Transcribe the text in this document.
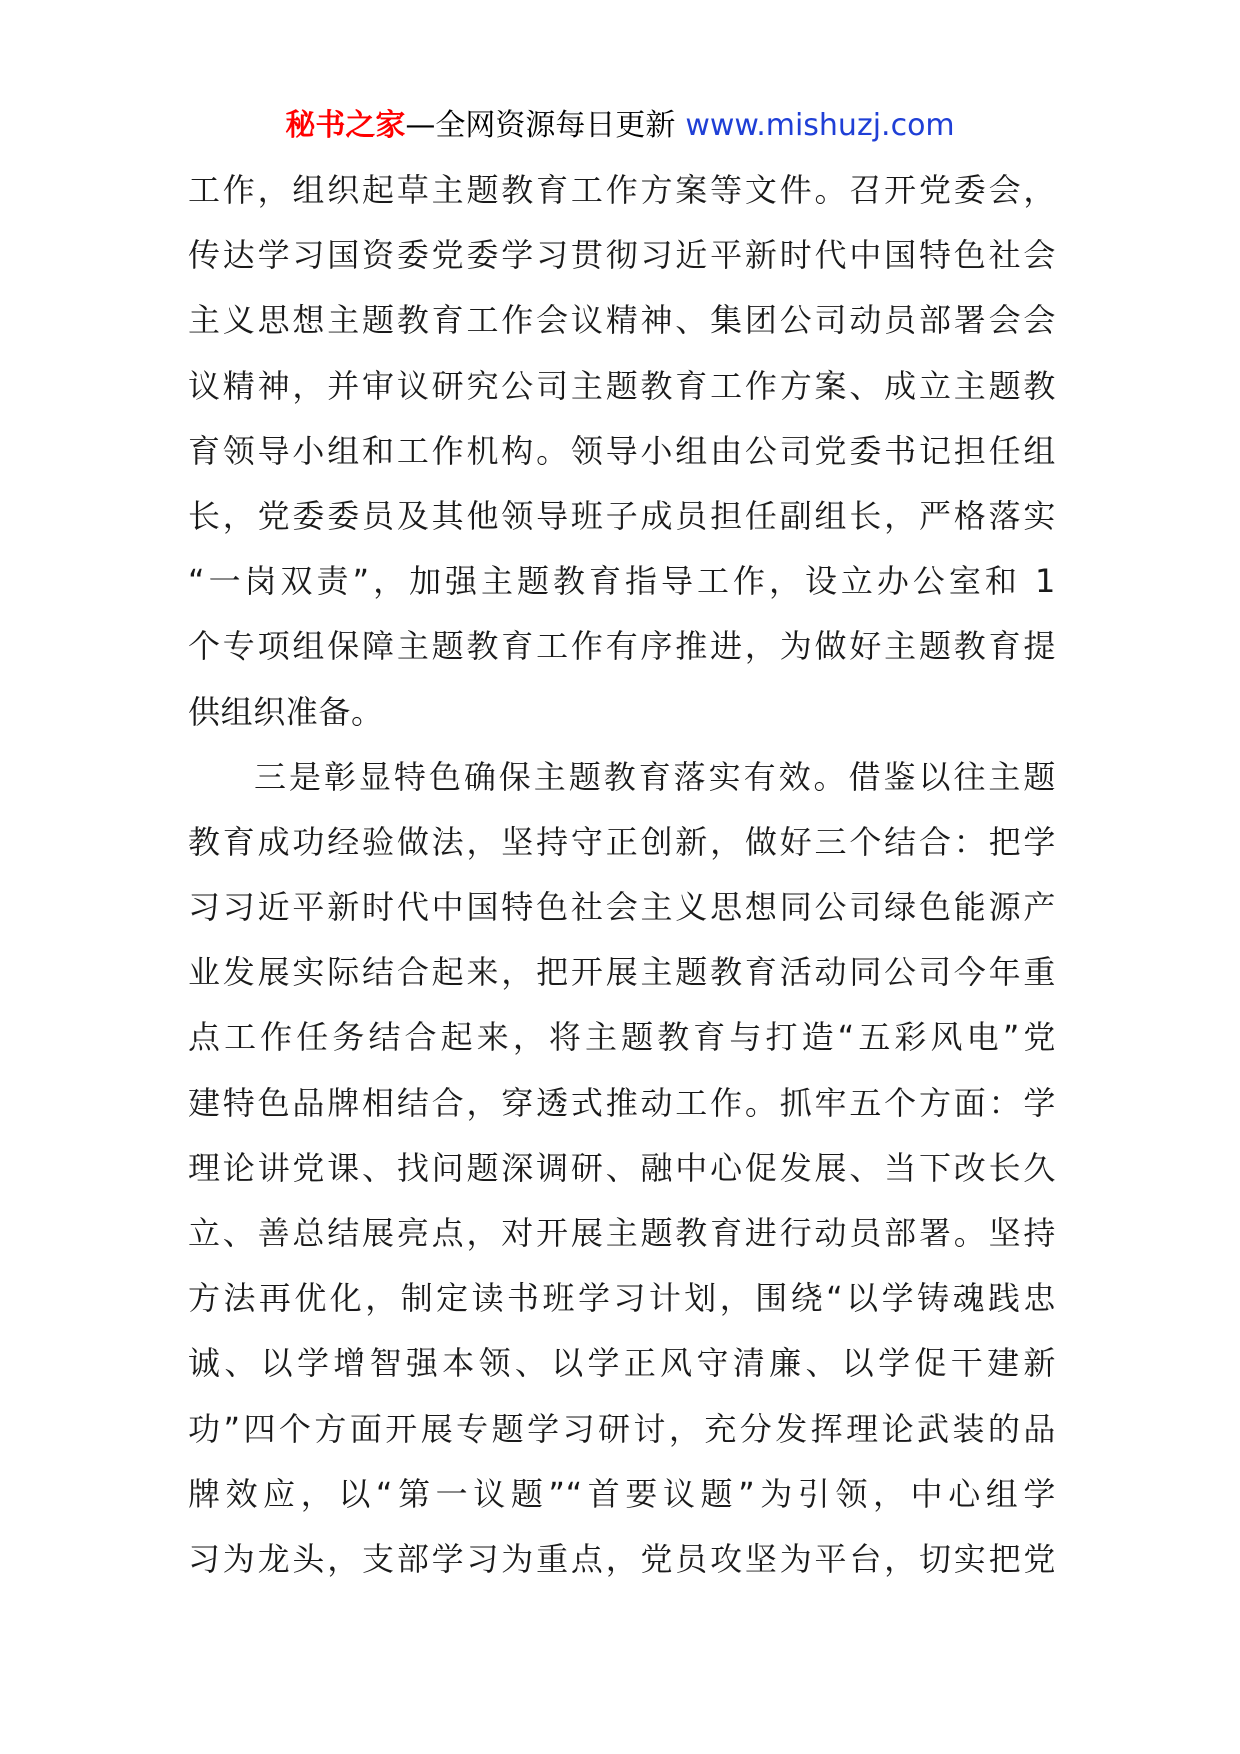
秘书之家—全网资源每日更新 www.mishuzj.com
工作，组织起草主题教育工作方案等文件。召开党委会，
传达学习国资委党委学习贯彻习近平新时代中国特色社会
主义思想主题教育工作会议精神、集团公司动员部署会会
议精神，并审议研究公司主题教育工作方案、成立主题教
育领导小组和工作机构。领导小组由公司党委书记担任组
长，党委委员及其他领导班子成员担任副组长，严格落实
“一岗双责”，加强主题教育指导工作，设立办公室和 1
个专项组保障主题教育工作有序推进，为做好主题教育提
供组织准备。
三是彰显特色确保主题教育落实有效。借鉴以往主题
教育成功经验做法，坚持守正创新，做好三个结合：把学
习习近平新时代中国特色社会主义思想同公司绿色能源产
业发展实际结合起来，把开展主题教育活动同公司今年重
点工作任务结合起来，将主题教育与打造“五彩风电”党
建特色品牌相结合，穿透式推动工作。抓牢五个方面：学
理论讲党课、找问题深调研、融中心促发展、当下改长久
立、善总结展亮点，对开展主题教育进行动员部署。坚持
方法再优化，制定读书班学习计划，围绕“以学铸魂践忠
诚、以学增智强本领、以学正风守清廉、以学促干建新
功”四个方面开展专题学习研讨，充分发挥理论武装的品
牌效应，以“第一议题”“首要议题”为引领，中心组学
习为龙头，支部学习为重点，党员攻坚为平台，切实把党
